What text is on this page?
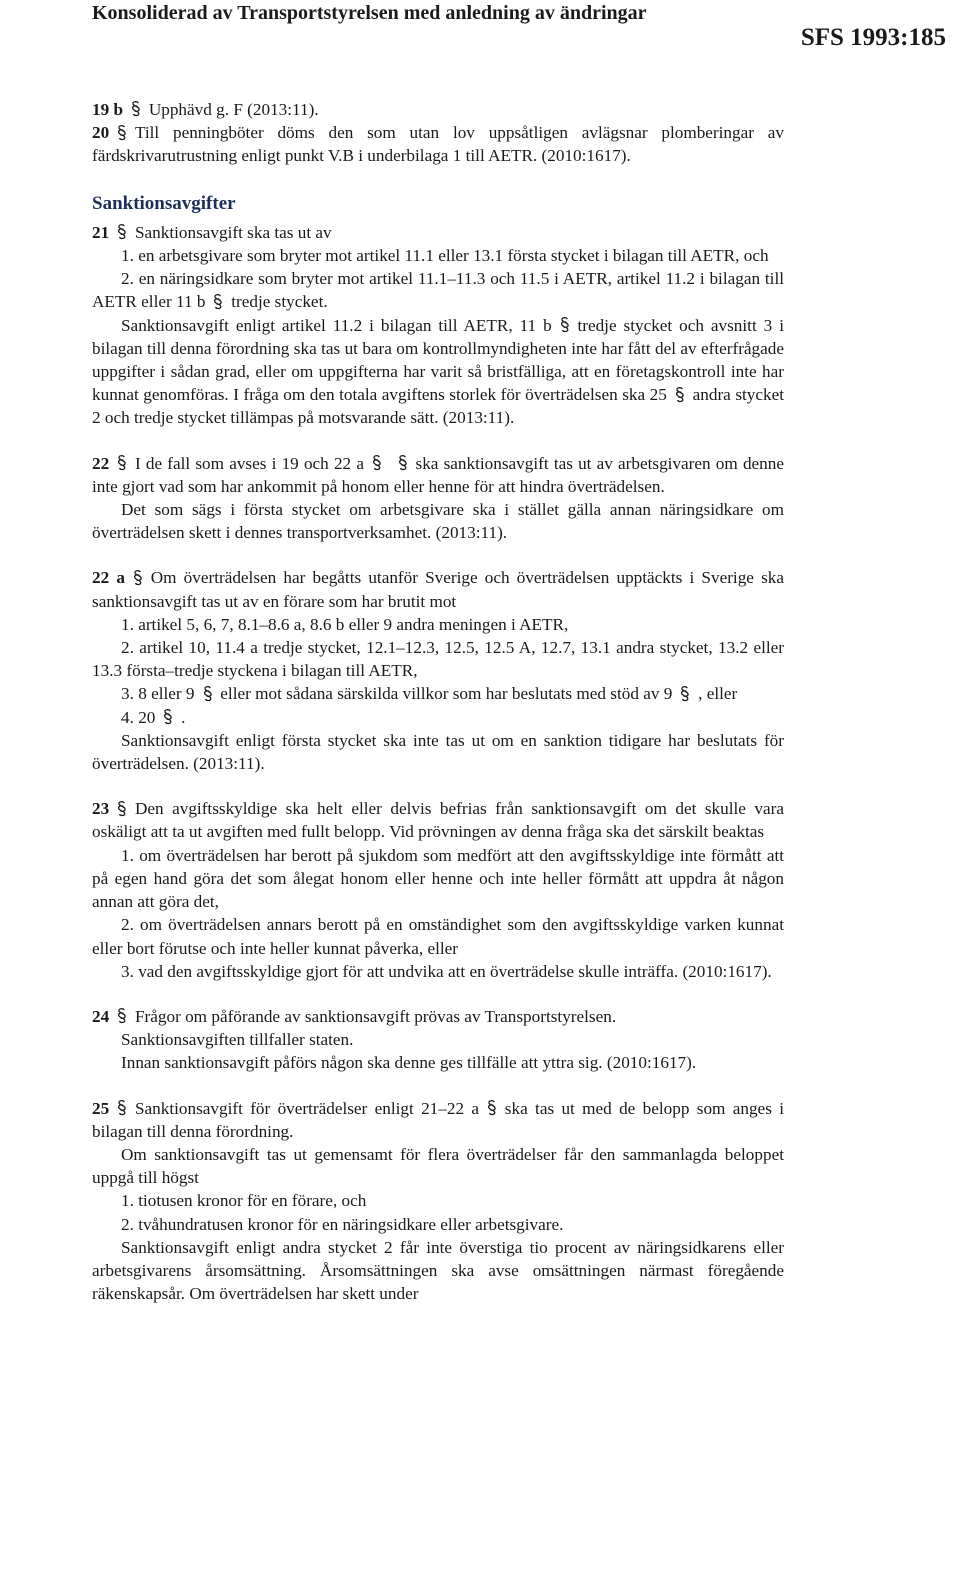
Konsoliderad av Transportstyrelsen med anledning av ändringar
SFS 1993:185

19 b Upphävd g. F (2013:11).

20 Till penningböter döms den som utan lov uppsåtligen avlägsnar plomberingar av färdskrivarutrustning enligt punkt V.B i underbilaga 1 till AETR. (2010:1617).

Sanktionsavgifter

21 Sanktionsavgift ska tas ut av

1. en arbetsgivare som bryter mot artikel 11.1 eller 13.1 första stycket i bilagan till AETR, och

2. en näringsidkare som bryter mot artikel 11.1–11.3 och 11.5 i AETR, artikel 11.2 i bilagan till AETR eller 11 b tredje stycket.

Sanktionsavgift enligt artikel 11.2 i bilagan till AETR, 11 b tredje stycket och avsnitt 3 i bilagan till denna förordning ska tas ut bara om kontrollmyndigheten inte har fått del av efterfrågade uppgifter i sådan grad, eller om uppgifterna har varit så bristfälliga, att en företagskontroll inte har kunnat genomföras. I fråga om den totala avgiftens storlek för överträdelsen ska 25 andra stycket 2 och tredje stycket tillämpas på motsvarande sätt. (2013:11).

22 I de fall som avses i 19 och 22 a	ska sanktionsavgift tas ut av arbetsgivaren om denne inte gjort vad som har ankommit på honom eller henne för att hindra överträdelsen.

Det som sägs i första stycket om arbetsgivare ska i stället gälla annan näringsidkare om överträdelsen skett i dennes transportverksamhet. (2013:11).

22 a Om överträdelsen har begåtts utanför Sverige och överträdelsen upptäckts i Sverige ska sanktionsavgift tas ut av en förare som har brutit mot

1. artikel 5, 6, 7, 8.1–8.6 a, 8.6 b eller 9 andra meningen i AETR,

2. artikel 10, 11.4 a tredje stycket, 12.1–12.3, 12.5, 12.5 A, 12.7, 13.1 andra stycket, 13.2 eller 13.3 första–tredje styckena i bilagan till AETR,

3. 8 eller 9 eller mot sådana särskilda villkor som har beslutats med stöd av 9 , eller

4. 20 .

Sanktionsavgift enligt första stycket ska inte tas ut om en sanktion tidigare har beslutats för överträdelsen. (2013:11).

23 Den avgiftsskyldige ska helt eller delvis befrias från sanktionsavgift om det skulle vara oskäligt att ta ut avgiften med fullt belopp. Vid prövningen av denna fråga ska det särskilt beaktas

1. om överträdelsen har berott på sjukdom som medfört att den avgiftsskyldige inte förmått att på egen hand göra det som ålegat honom eller henne och inte heller förmått att uppdra åt någon annan att göra det,

2. om överträdelsen annars berott på en omständighet som den avgiftsskyldige varken kunnat eller bort förutse och inte heller kunnat påverka, eller

3. vad den avgiftsskyldige gjort för att undvika att en överträdelse skulle inträffa. (2010:1617).

24 Frågor om påförande av sanktionsavgift prövas av Transportstyrelsen.

Sanktionsavgiften tillfaller staten.

Innan sanktionsavgift påförs någon ska denne ges tillfälle att yttra sig. (2010:1617).

25 Sanktionsavgift för överträdelser enligt 21–22 a ska tas ut med de belopp som anges i bilagan till denna förordning.

Om sanktionsavgift tas ut gemensamt för flera överträdelser får den sammanlagda beloppet uppgå till högst

1. tiotusen kronor för en förare, och

2. tvåhundratusen kronor för en näringsidkare eller arbetsgivare.

Sanktionsavgift enligt andra stycket 2 får inte överstiga tio procent av näringsidkarens eller arbetsgivarens årsomsättning. Årsomsättningen ska avse omsättningen närmast föregående räkenskapsår. Om överträdelsen har skett under
